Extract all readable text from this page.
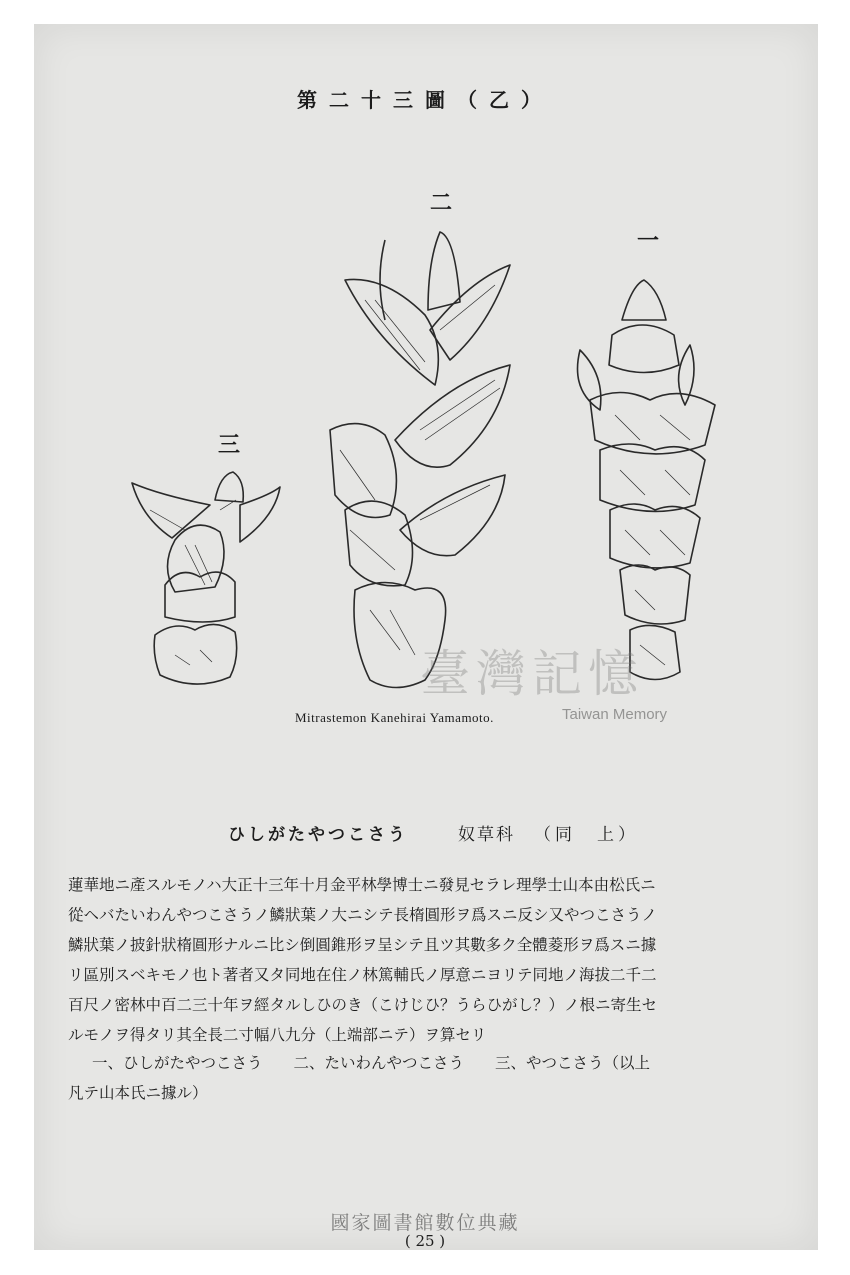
第二十三圖（乙）
二
一
三
臺灣記憶
Taiwan Memory
Mitrastemon Kanehirai Yamamoto.
ひしがたやつこさう	奴草科 （同　上）

蓮華地ニ產スルモノハ大正十三年十月金平林學博士ニ發見セラレ理學士山本由松氏ニ

從ヘバたいわんやつこさうノ鱗狀葉ノ大ニシテ長楕圓形ヲ爲スニ反シ又やつこさうノ

鱗狀葉ノ披針狀楕圓形ナルニ比シ倒圓錐形ヲ呈シテ且ツ其數多ク全體菱形ヲ爲スニ據

リ區別スベキモノ也ト著者又タ同地在住ノ林篤輔氏ノ厚意ニヨリテ同地ノ海拔二千二

百尺ノ密林中百二三十年ヲ經タルしひのき（こけじひ？うらひがし？）ノ根ニ寄生セ

ルモノヲ得タリ其全長二寸幅八九分（上端部ニテ）ヲ算セリ

一、ひしがたやつこさう　　二、たいわんやつこさう　　三、やつこさう（以上

凡テ山本氏ニ據ル）

國家圖書館數位典藏
( 25 )
